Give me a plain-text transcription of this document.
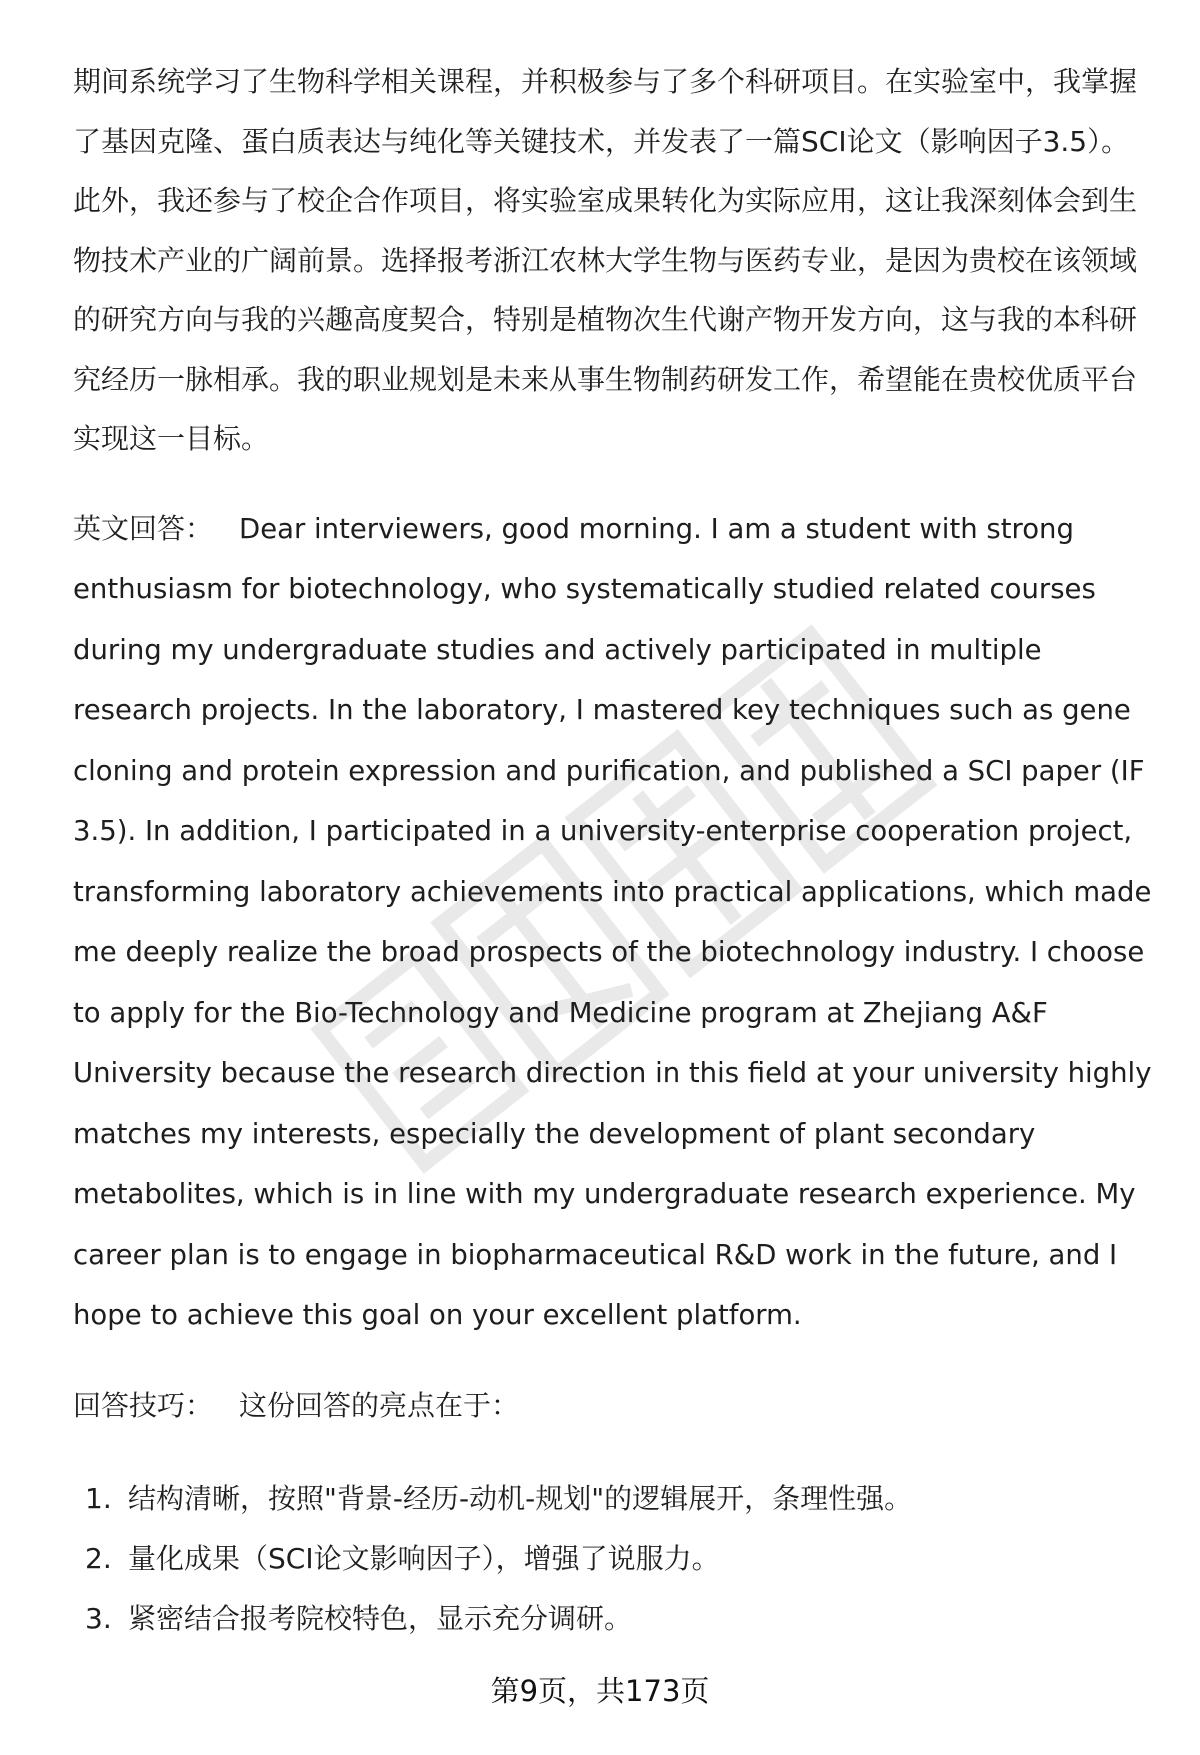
期间系统学习了生物科学相关课程，并积极参与了多个科研项目。在实验室中，我掌握了基因克隆、蛋白质表达与纯化等关键技术，并发表了一篇SCI论文（影响因子3.5）。此外，我还参与了校企合作项目，将实验室成果转化为实际应用，这让我深刻体会到生物技术产业的广阔前景。选择报考浙江农林大学生物与医药专业，是因为贵校在该领域的研究方向与我的兴趣高度契合，特别是植物次生代谢产物开发方向，这与我的本科研究经历一脉相承。我的职业规划是未来从事生物制药研发工作，希望能在贵校优质平台实现这一目标。

英文回答： Dear interviewers, good morning. I am a student with strong enthusiasm for biotechnology, who systematically studied related courses during my undergraduate studies and actively participated in multiple research projects. In the laboratory, I mastered key techniques such as gene cloning and protein expression and purification, and published a SCI paper (IF 3.5). In addition, I participated in a university-enterprise cooperation project, transforming laboratory achievements into practical applications, which made me deeply realize the broad prospects of the biotechnology industry. I choose to apply for the Bio-Technology and Medicine program at Zhejiang A&F University because the research direction in this field at your university highly matches my interests, especially the development of plant secondary metabolites, which is in line with my undergraduate research experience. My career plan is to engage in biopharmaceutical R&D work in the future, and I hope to achieve this goal on your excellent platform.

回答技巧： 这份回答的亮点在于：

1. 结构清晰，按照"背景-经历-动机-规划"的逻辑展开，条理性强。
2. 量化成果（SCI论文影响因子），增强了说服力。
3. 紧密结合报考院校特色，显示充分调研。
第9页，共173页
